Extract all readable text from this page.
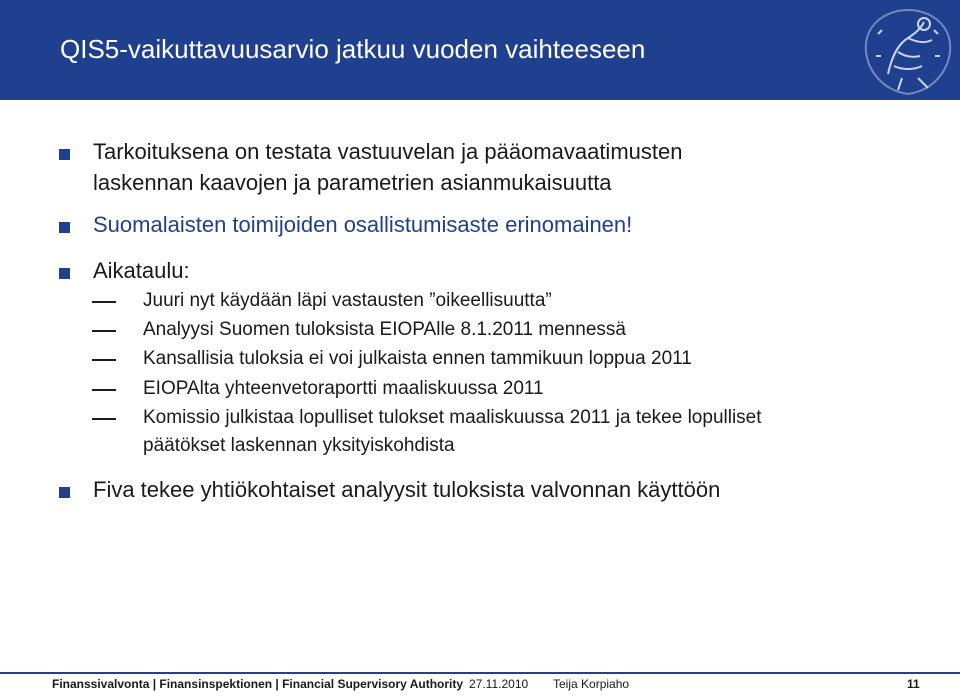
QIS5-vaikuttavuusarvio jatkuu vuoden vaihteeseen
Tarkoituksena on testata vastuuvelan ja pääomavaatimusten
laskennan kaavojen ja parametrien asianmukaisuutta
Suomalaisten toimijoiden osallistumisaste erinomainen!
Aikataulu:
Juuri nyt käydään läpi vastausten ”oikeellisuutta”
Analyysi Suomen tuloksista EIOPAlle 8.1.2011 mennessä
Kansallisia tuloksia ei voi julkaista ennen tammikuun loppua 2011
EIOPAlta yhteenvetoraportti maaliskuussa 2011
Komissio julkistaa lopulliset tulokset maaliskuussa 2011 ja tekee lopulliset
päätökset laskennan yksityiskohdista
Fiva tekee yhtiökohtaiset analyysit tuloksista valvonnan käyttöön
Finanssivalvonta | Finansinspektionen | Financial Supervisory Authority 27.11.2010 Teija Korpiaho	11
